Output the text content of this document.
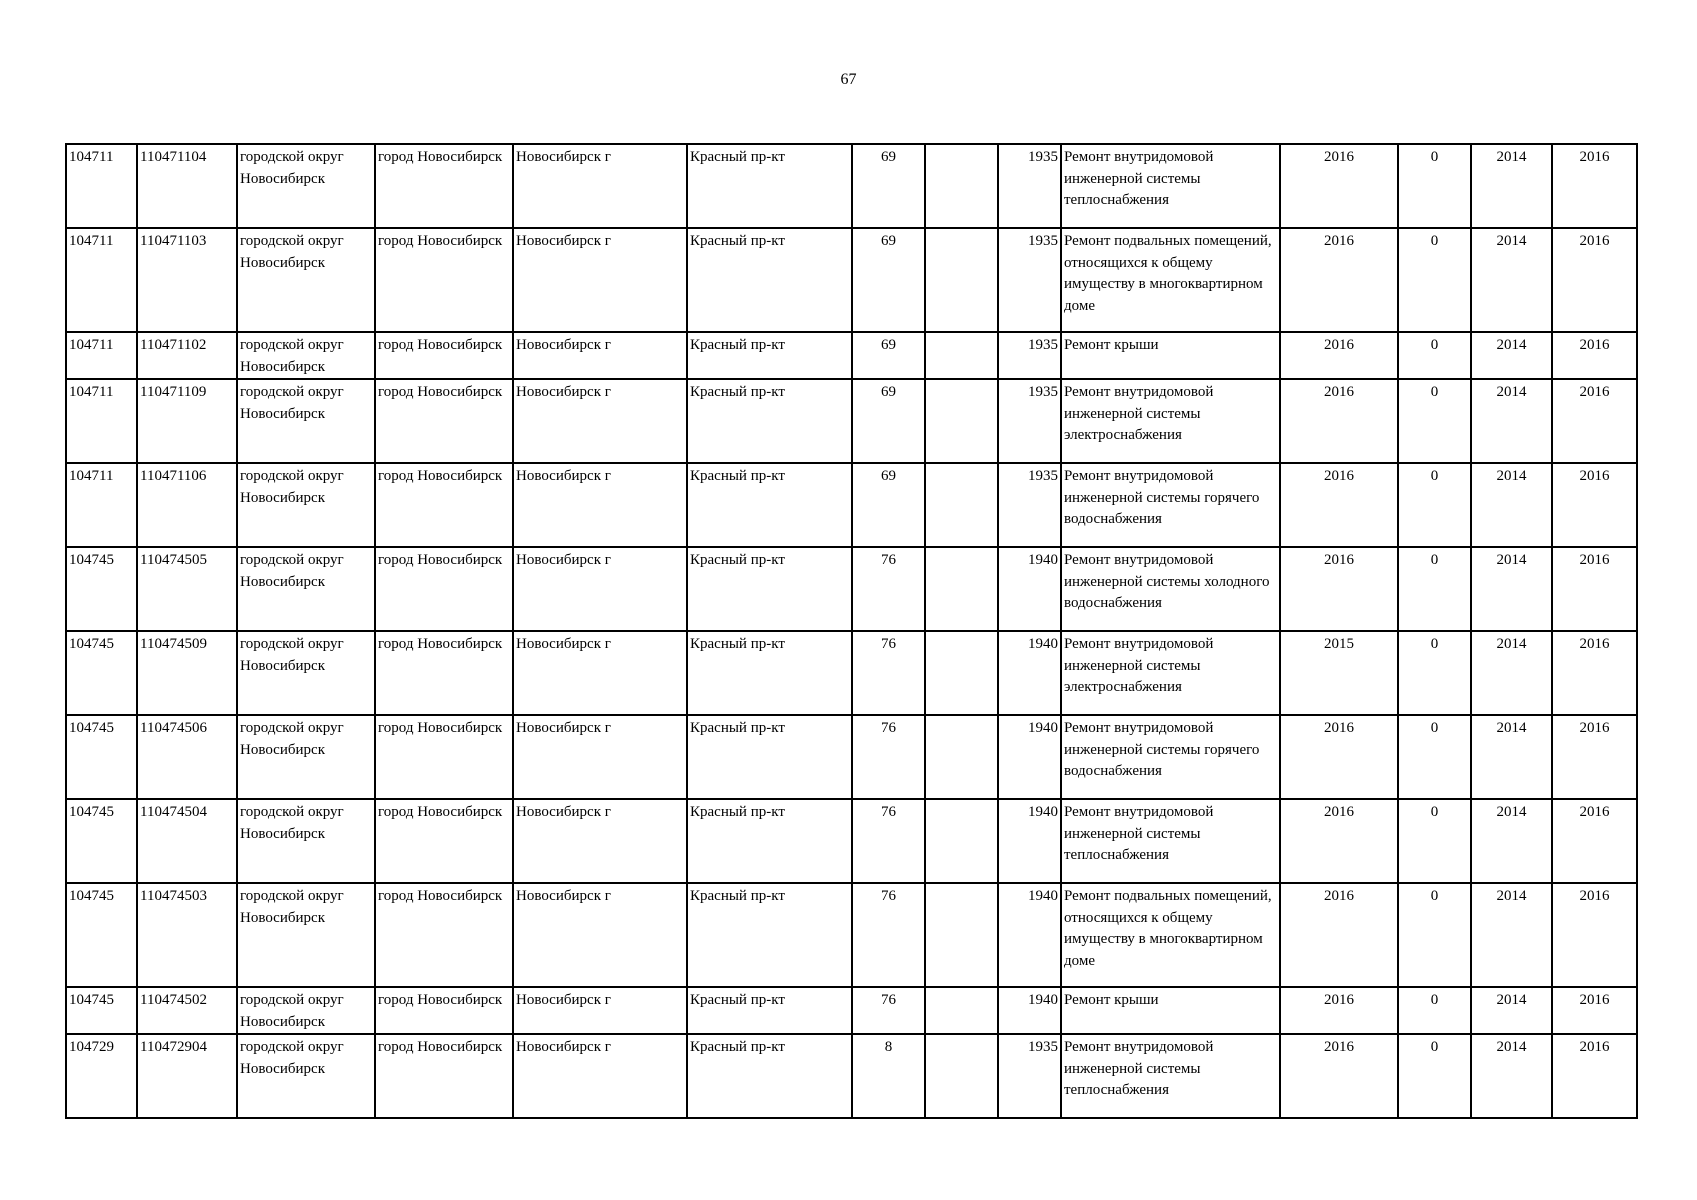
67
104711	110471104	городской округ Новосибирск	город Новосибирск	Новосибирск г	Красный пр-кт	69		1935	Ремонт внутридомовой инженерной системы теплоснабжения	2016	0	2014	2016
104711	110471103	городской округ Новосибирск	город Новосибирск	Новосибирск г	Красный пр-кт	69		1935	Ремонт подвальных помещений, относящихся к общему имуществу в многоквартирном доме	2016	0	2014	2016
104711	110471102	городской округ Новосибирск	город Новосибирск	Новосибирск г	Красный пр-кт	69		1935	Ремонт крыши	2016	0	2014	2016
104711	110471109	городской округ Новосибирск	город Новосибирск	Новосибирск г	Красный пр-кт	69		1935	Ремонт внутридомовой инженерной системы электроснабжения	2016	0	2014	2016
104711	110471106	городской округ Новосибирск	город Новосибирск	Новосибирск г	Красный пр-кт	69		1935	Ремонт внутридомовой инженерной системы горячего водоснабжения	2016	0	2014	2016
104745	110474505	городской округ Новосибирск	город Новосибирск	Новосибирск г	Красный пр-кт	76		1940	Ремонт внутридомовой инженерной системы холодного водоснабжения	2016	0	2014	2016
104745	110474509	городской округ Новосибирск	город Новосибирск	Новосибирск г	Красный пр-кт	76		1940	Ремонт внутридомовой инженерной системы электроснабжения	2015	0	2014	2016
104745	110474506	городской округ Новосибирск	город Новосибирск	Новосибирск г	Красный пр-кт	76		1940	Ремонт внутридомовой инженерной системы горячего водоснабжения	2016	0	2014	2016
104745	110474504	городской округ Новосибирск	город Новосибирск	Новосибирск г	Красный пр-кт	76		1940	Ремонт внутридомовой инженерной системы теплоснабжения	2016	0	2014	2016
104745	110474503	городской округ Новосибирск	город Новосибирск	Новосибирск г	Красный пр-кт	76		1940	Ремонт подвальных помещений, относящихся к общему имуществу в многоквартирном доме	2016	0	2014	2016
104745	110474502	городской округ Новосибирск	город Новосибирск	Новосибирск г	Красный пр-кт	76		1940	Ремонт крыши	2016	0	2014	2016
104729	110472904	городской округ Новосибирск	город Новосибирск	Новосибирск г	Красный пр-кт	8		1935	Ремонт внутридомовой инженерной системы теплоснабжения	2016	0	2014	2016
